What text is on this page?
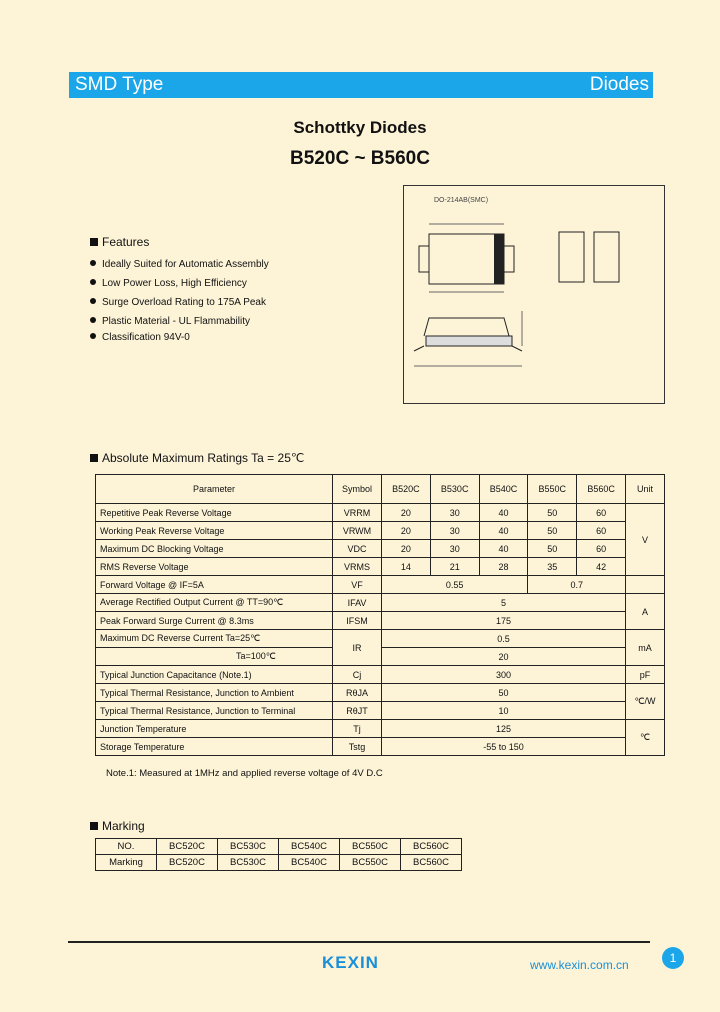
SMD Type	Diodes
Schottky Diodes
B520C ~ B560C
DO-214AB(SMC)
Features
Ideally Suited for Automatic Assembly
Low Power Loss, High Efficiency
Surge Overload Rating to 175A Peak
Plastic Material - UL Flammability
Classification 94V-0
Absolute Maximum Ratings Ta = 25℃
Parameter	Symbol	B520C	B530C	B540C	B550C	B560C	Unit
Repetitive Peak Reverse Voltage	VRRM	20	30	40	50	60	V
Working Peak Reverse Voltage	VRWM	20	30	40	50	60	
Maximum DC Blocking Voltage	VDC	20	30	40	50	60	
RMS Reverse Voltage	VRMS	14	21	28	35	42	
Forward Voltage @ IF=5A	VF	0.55			0.7		
Average Rectified Output Current @ TT=90℃	IFAV	5					A
Peak Forward Surge Current @ 8.3ms	IFSM	175					
Maximum DC Reverse Current Ta=25℃	IR	0.5					mA
Ta=100℃		20					
Typical Junction Capacitance (Note.1)	Cj	300					pF
Typical Thermal Resistance, Junction to Ambient	RθJA	50					℃/W
Typical Thermal Resistance, Junction to Terminal	RθJT	10					
Junction Temperature	Tj	125					℃
Storage Temperature	Tstg	-55 to 150					
Note.1: Measured at 1MHz and applied reverse voltage of 4V D.C
Marking
NO.	BC520C	BC530C	BC540C	BC550C	BC560C
Marking	BC520C	BC530C	BC540C	BC550C	BC560C
KEXIN	www.kexin.com.cn	1
